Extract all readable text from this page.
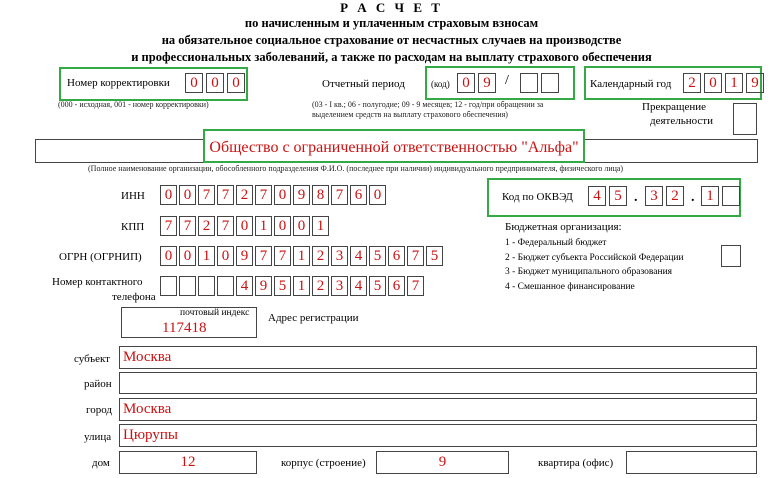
Р А С Ч Е Т
по начисленным и уплаченным страховым взносам
на обязательное социальное страхование от несчастных случаев на производстве
и профессиональных заболеваний, а также по расходам на выплату страхового обеспечения
Номер корректировки	0 0 0
(000 - исходная, 001 - номер корректировки)
Отчетный период	(код) 0 9	/
(03 - I кв.; 06 - полугодие; 09 - 9 месяцев; 12 - год/при обращении за
выделением средств на выплату страхового обеспечения)
Календарный год	2 0 1 9
Прекращение
деятельности
Общество с ограниченной ответственностью "Альфа"
(Полное наименование организации, обособленного подразделения Ф.И.О. (последнее при наличии) индивидуального предпринимателя, физического лица)
ИНН	0 0 7 7 2 7 0 9 8 7 6 0	Код по ОКВЭД	4 5 . 3 2 . 1
КПП	7 7 2 7 0 1 0 0 1	Бюджетная организация:
1 - Федеральный бюджет
2 - Бюджет субъекта Российской Федерации
3 - Бюджет муниципального образования
4 - Смешанное финансирование
ОГРН (ОГРНИП)	0 0 1 0 9 7 7 1 2 3 4 5 6 7 5
Номер контактного
телефона
4 9 5 1 2 3 4 5 6 7
почтовый индекс
117418
Адрес регистрации
субъект Москва
район
город Москва
улица Цюрупы
дом	12	корпус (строение)	9	квартира (офис)
